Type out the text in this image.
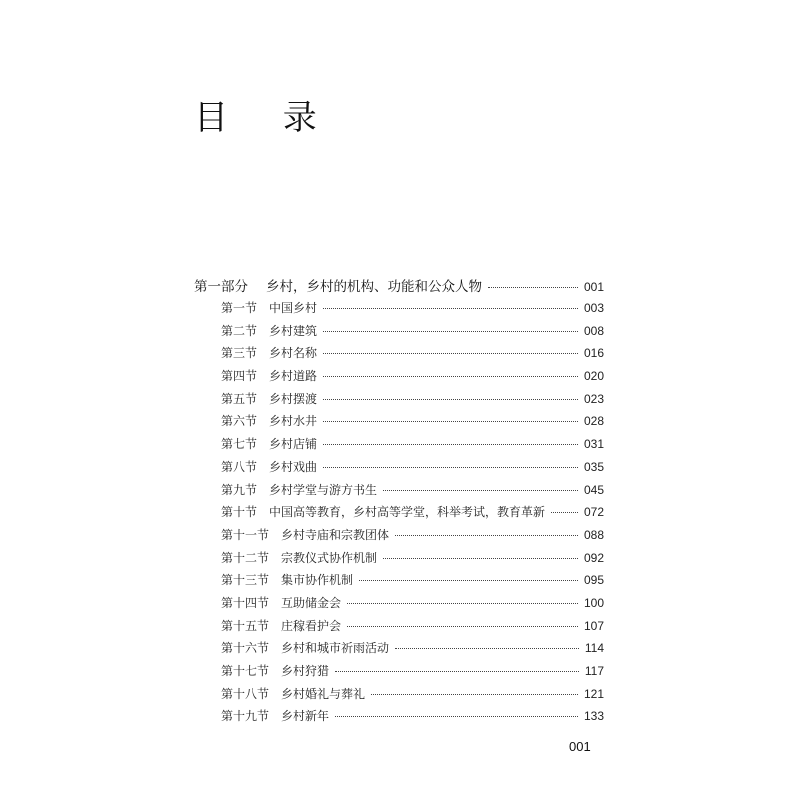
目 录
第一部分 乡村，乡村的机构、功能和公众人物	001
第一节 中国乡村	003
第二节 乡村建筑	008
第三节 乡村名称	016
第四节 乡村道路	020
第五节 乡村摆渡	023
第六节 乡村水井	028
第七节 乡村店铺	031
第八节 乡村戏曲	035
第九节 乡村学堂与游方书生	045
第十节 中国高等教育，乡村高等学堂，科举考试，教育革新	072
第十一节 乡村寺庙和宗教团体	088
第十二节 宗教仪式协作机制	092
第十三节 集市协作机制	095
第十四节 互助储金会	100
第十五节 庄稼看护会	107
第十六节 乡村和城市祈雨活动	114
第十七节 乡村狩猎	117
第十八节 乡村婚礼与葬礼	121
第十九节 乡村新年	133
001
